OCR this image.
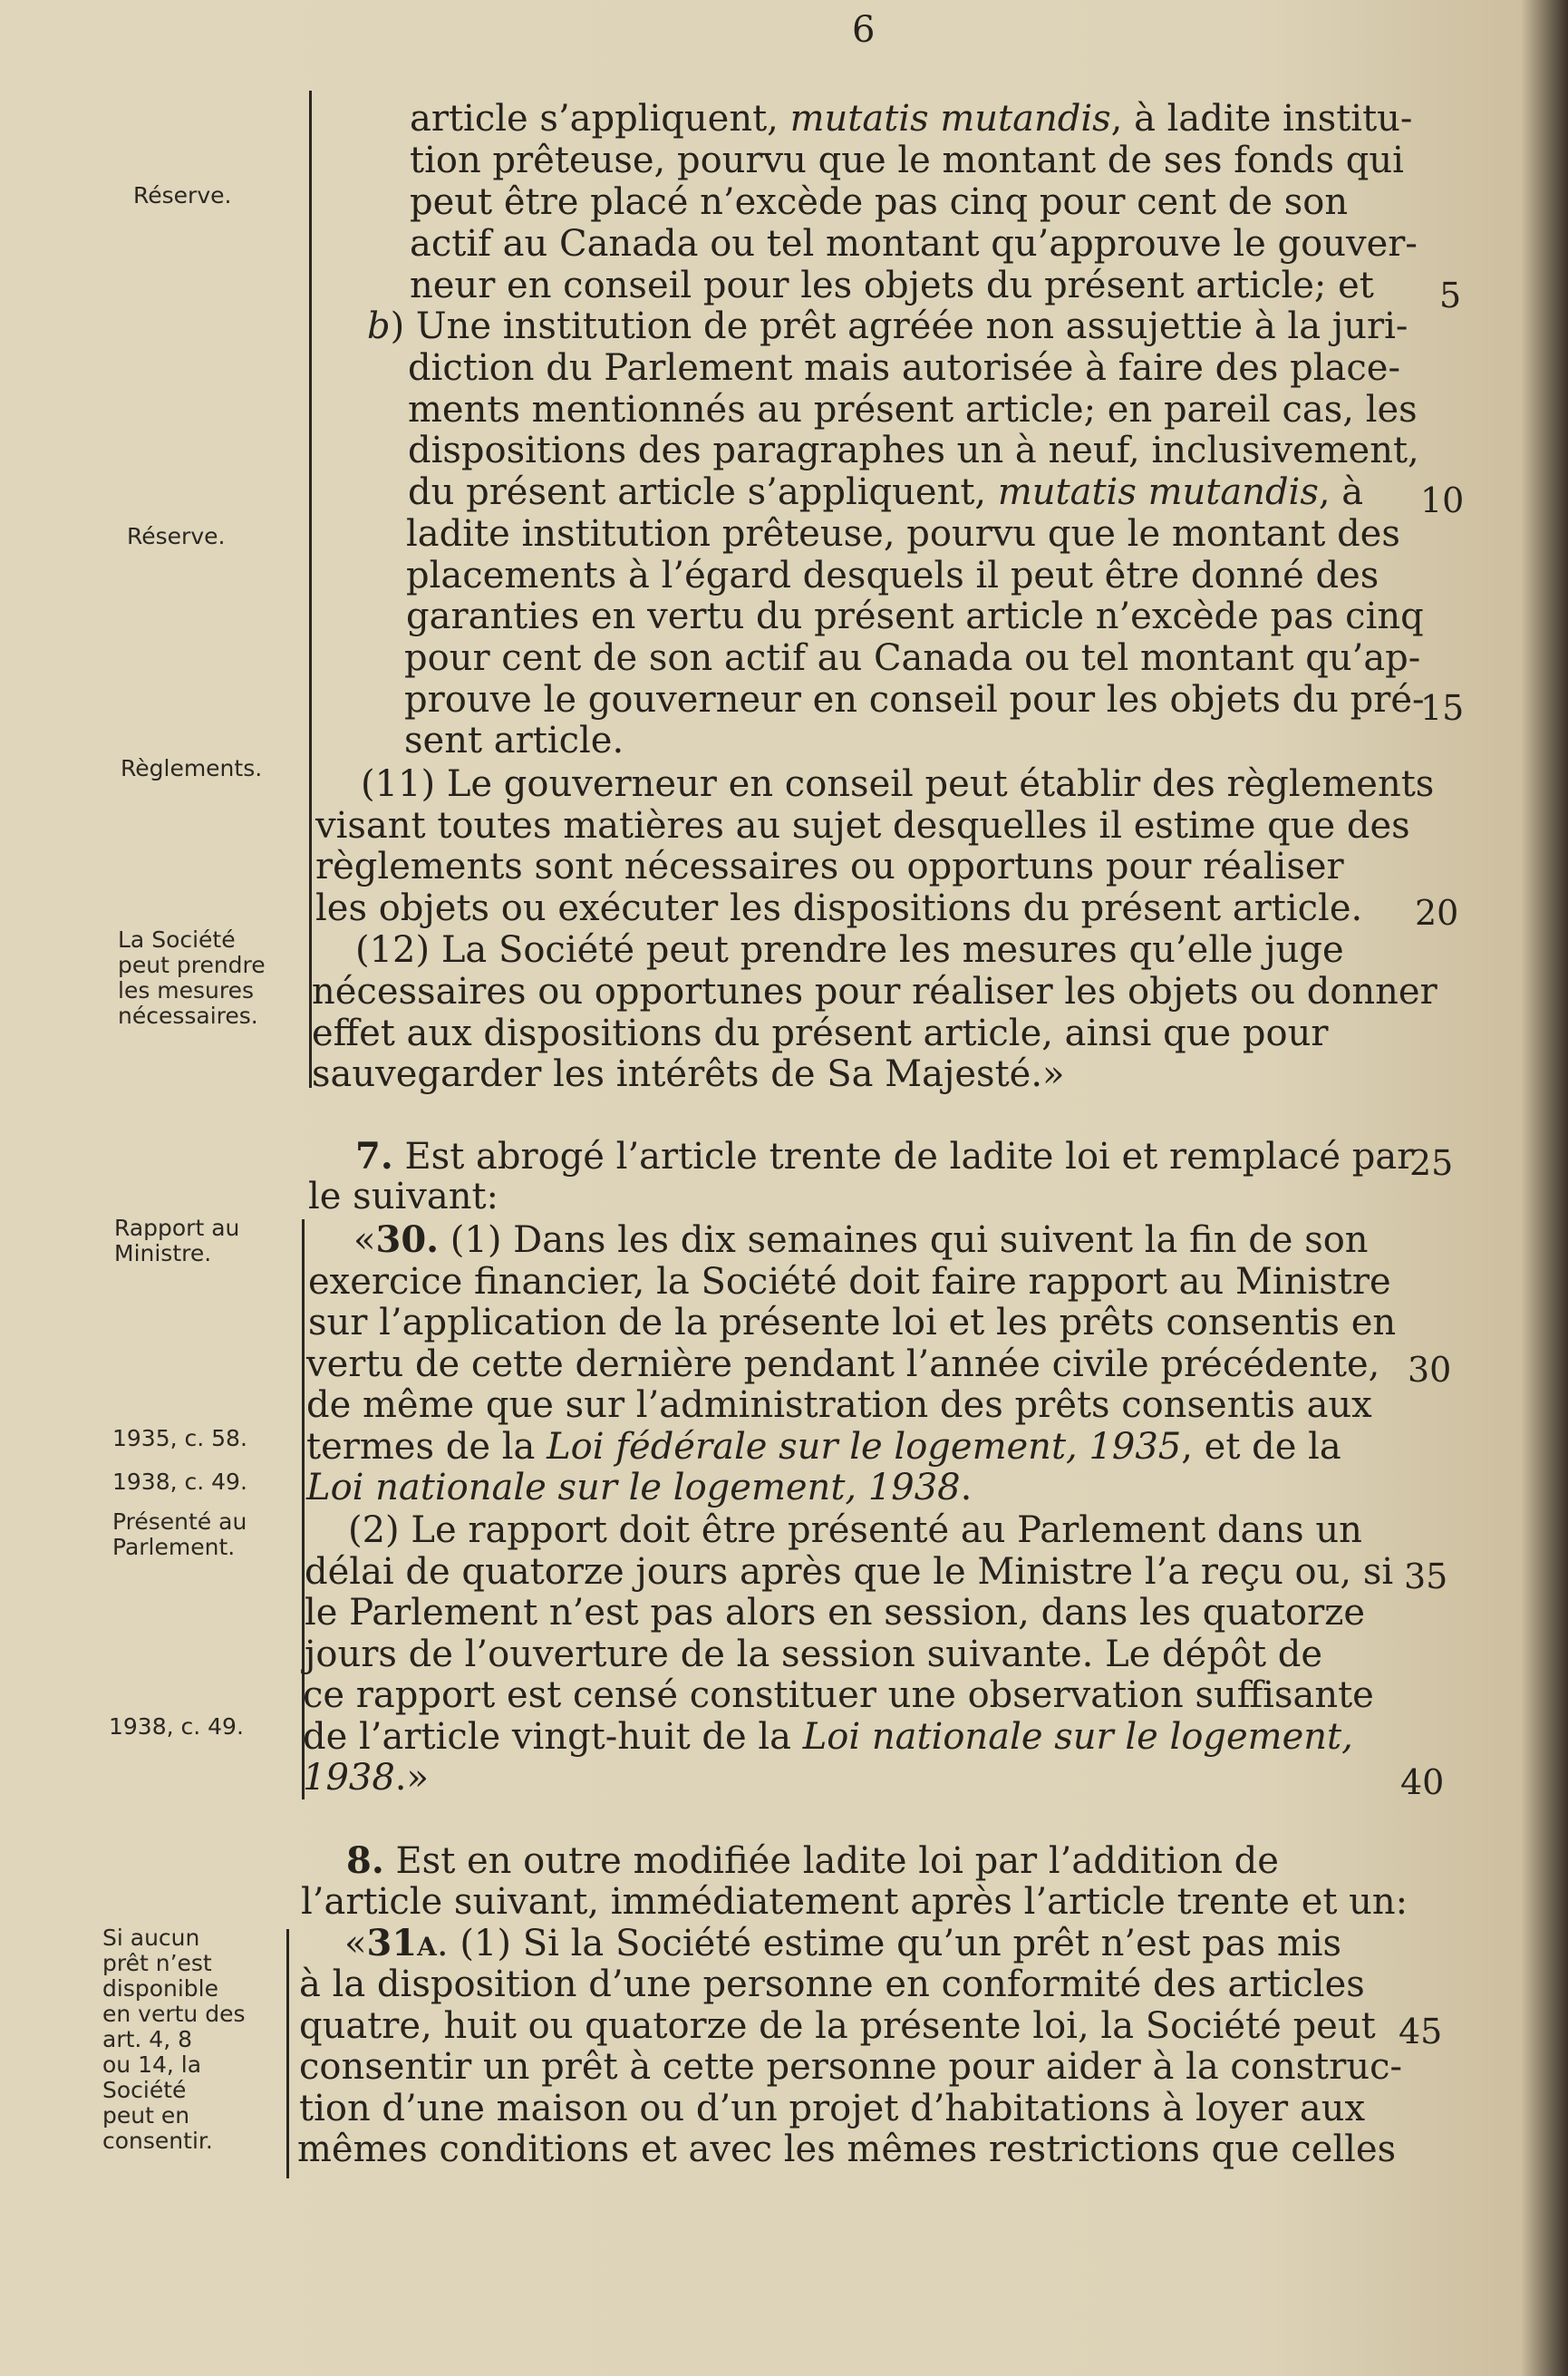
6
Réserve.
Réserve.
Règlements.
La Société
peut prendre
les mesures
nécessaires.
Rapport au
Ministre.
1935, c. 58.
1938, c. 49.
Présenté au
Parlement.
1938, c. 49.
Si aucun
prêt n’est
disponible
en vertu des
art. 4, 8
ou 14, la
Société
peut en
consentir.
5
10
15
20
25
30
35
40
45
article s’appliquent, mutatis mutandis, à ladite institu-
tion prêteuse, pourvu que le montant de ses fonds qui
peut être placé n’excède pas cinq pour cent de son
actif au Canada ou tel montant qu’approuve le gouver-
neur en conseil pour les objets du présent article; et
b) Une institution de prêt agréée non assujettie à la juri-
diction du Parlement mais autorisée à faire des place-
ments mentionnés au présent article; en pareil cas, les
dispositions des paragraphes un à neuf, inclusivement,
du présent article s’appliquent, mutatis mutandis, à
ladite institution prêteuse, pourvu que le montant des
placements à l’égard desquels il peut être donné des
garanties en vertu du présent article n’excède pas cinq
pour cent de son actif au Canada ou tel montant qu’ap-
prouve le gouverneur en conseil pour les objets du pré-
sent article.
(11) Le gouverneur en conseil peut établir des règlements
visant toutes matières au sujet desquelles il estime que des
règlements sont nécessaires ou opportuns pour réaliser
les objets ou exécuter les dispositions du présent article.
(12) La Société peut prendre les mesures qu’elle juge
nécessaires ou opportunes pour réaliser les objets ou donner
effet aux dispositions du présent article, ainsi que pour
sauvegarder les intérêts de Sa Majesté.»
7. Est abrogé l’article trente de ladite loi et remplacé par
le suivant:
«30. (1) Dans les dix semaines qui suivent la fin de son
exercice financier, la Société doit faire rapport au Ministre
sur l’application de la présente loi et les prêts consentis en
vertu de cette dernière pendant l’année civile précédente,
de même que sur l’administration des prêts consentis aux
termes de la Loi fédérale sur le logement, 1935, et de la
Loi nationale sur le logement, 1938.
(2) Le rapport doit être présenté au Parlement dans un
délai de quatorze jours après que le Ministre l’a reçu ou, si
le Parlement n’est pas alors en session, dans les quatorze
jours de l’ouverture de la session suivante. Le dépôt de
ce rapport est censé constituer une observation suffisante
de l’article vingt-huit de la Loi nationale sur le logement,
1938.»
8. Est en outre modifiée ladite loi par l’addition de
l’article suivant, immédiatement après l’article trente et un:
«31a. (1) Si la Société estime qu’un prêt n’est pas mis
à la disposition d’une personne en conformité des articles
quatre, huit ou quatorze de la présente loi, la Société peut
consentir un prêt à cette personne pour aider à la construc-
tion d’une maison ou d’un projet d’habitations à loyer aux
mêmes conditions et avec les mêmes restrictions que celles
